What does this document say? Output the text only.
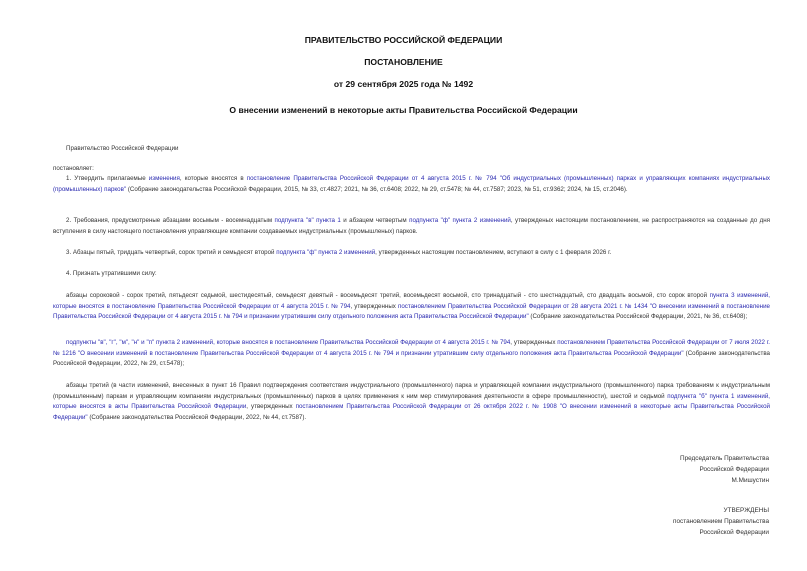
ПРАВИТЕЛЬСТВО РОССИЙСКОЙ ФЕДЕРАЦИИ
ПОСТАНОВЛЕНИЕ
от 29 сентября 2025 года № 1492
О внесении изменений в некоторые акты Правительства Российской Федерации
Правительство Российской Федерации
постановляет:
1. Утвердить прилагаемые изменения, которые вносятся в постановление Правительства Российской Федерации от 4 августа 2015 г. № 794 "Об индустриальных (промышленных) парках и управляющих компаниях индустриальных (промышленных) парков" (Собрание законодательства Российской Федерации, 2015, № 33, ст.4827; 2021, № 36, ст.6408; 2022, № 29, ст.5478; № 44, ст.7587; 2023, № 51, ст.9362; 2024, № 15, ст.2046).
2. Требования, предусмотреные абзацами восьмым - восемнадцатым подпункта "в" пункта 1 и абзацем четвертым подпункта "ф" пункта 2 изменений, утвержденых настоящим постановлением, не распространяются на созданные до дня вступления в силу настоящего постановления управляющие компании создаваемых индустриальных (промышленых) парков.
3. Абзацы пятый, тридцать четвертый, сорок третий и семьдесят второй подпункта "ф" пункта 2 изменений, утвержденных настоящим постановлением, вступают в силу с 1 февраля 2026 г.
4. Признать утратившими силу:
абзацы сороковой - сорок третий, пятьдесят седьмой, шестидесятый, семьдесят девятый - восемьдесят третий, восемьдесят восьмой, сто тринадцатый - сто шестнадцатый, сто двадцать восьмой, сто сорок второй пункта 3 изменений, которые вносятся в постановление Правительства Российской Федерации от 4 августа 2015 г. № 794, утвержденных постановлением Правительства Российской Федерации от 28 августа 2021 г. № 1434 "О внесении изменений в постановление Правительства Российской Федерации от 4 августа 2015 г. № 794 и признании утратившим силу отдельного положения акта Правительства Российской Федерации" (Собрание законодательства Российской Федерации, 2021, № 36, ст.6408);
подпункты "в", "г", "м", "н" и "п" пункта 2 изменений, которые вносятся в постановление Правительства Российской Федерации от 4 августа 2015 г. № 794, утвержденных постановлением Правительства Российской Федерации от 7 июля 2022 г. № 1216 "О внесении изменений в постановление Правительства Российской Федерации от 4 августа 2015 г. № 794 и признании утратившим силу отдельного положения акта Правительства Российской Федерации" (Собрание законодательства Российской Федерации, 2022, № 29, ст.5478);
абзацы третий (в части изменений, внесенных в пункт 16 Правил подтверждения соответствия индустриального (промышленного) парка и управляющей компании индустриального (промышленного) парка требованиям к индустриальным (промышленным) паркам и управляющим компаниям индустриальных (промышленных) парков в целях применения к ним мер стимулирования деятельности в сфере промышленности), шестой и седьмой подпункта "б" пункта 1 изменений, которые вносятся в акты Правительства Российской Федерации, утвержденных постановлением Правительства Российской Федерации от 26 октября 2022 г. № 1908 "О внесении изменений в некоторые акты Правительства Российской Федерации" (Собрание законодательства Российской Федерации, 2022, № 44, ст.7587).
Председатель Правительства
Российской Федерации
М.Мишустин
УТВЕРЖДЕНЫ
постановлением Правительства
Российской Федерации
